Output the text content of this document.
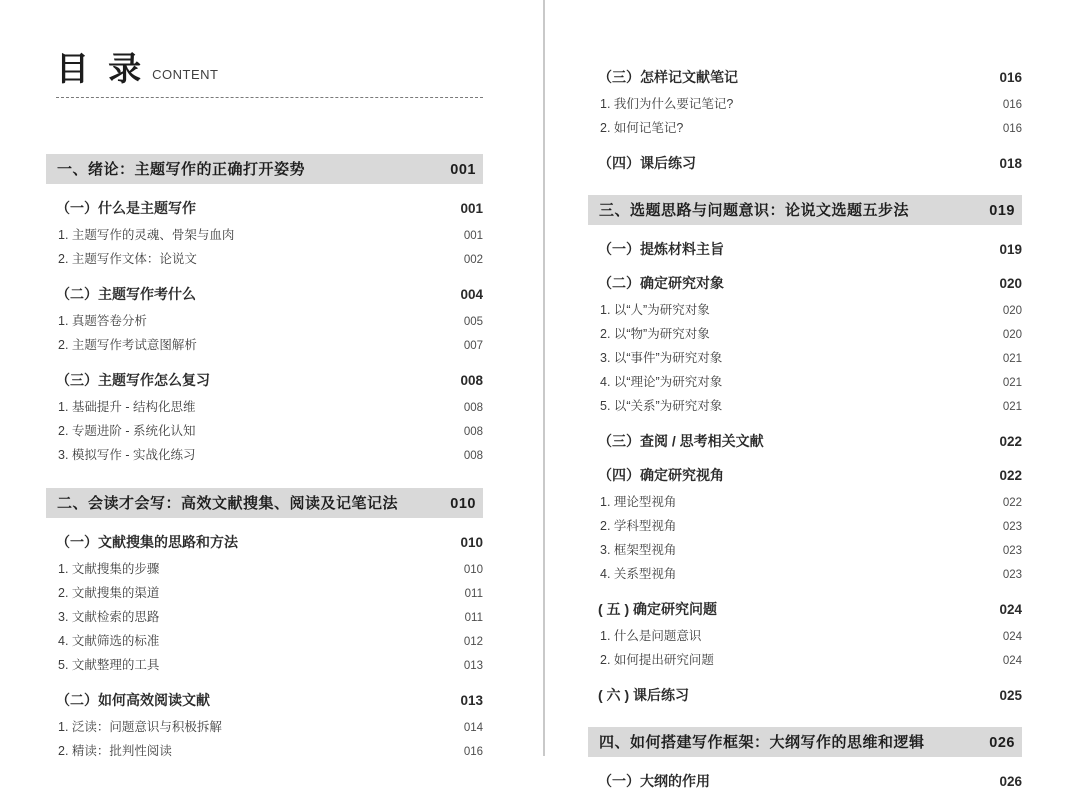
目 录 CONTENT
一、绪论：主题写作的正确打开姿势	001
（一）什么是主题写作	001
1. 主题写作的灵魂、骨架与血肉	001
2. 主题写作文体：论说文	002
（二）主题写作考什么	004
1. 真题答卷分析	005
2. 主题写作考试意图解析	007
（三）主题写作怎么复习	008
1. 基础提升 - 结构化思维	008
2. 专题进阶 - 系统化认知	008
3. 模拟写作 - 实战化练习	008
二、会读才会写：高效文献搜集、阅读及记笔记法	010
（一）文献搜集的思路和方法	010
1. 文献搜集的步骤	010
2. 文献搜集的渠道	011
3. 文献检索的思路	011
4. 文献筛选的标准	012
5. 文献整理的工具	013
（二）如何高效阅读文献	013
1. 泛读：问题意识与积极拆解	014
2. 精读：批判性阅读	016
（三）怎样记文献笔记	016
1. 我们为什么要记笔记?	016
2. 如何记笔记?	016
（四）课后练习	018
三、选题思路与问题意识：论说文选题五步法	019
（一）提炼材料主旨	019
（二）确定研究对象	020
1. 以“人”为研究对象	020
2. 以“物”为研究对象	020
3. 以“事件”为研究对象	021
4. 以“理论”为研究对象	021
5. 以“关系”为研究对象	021
（三）查阅 / 思考相关文献	022
（四）确定研究视角	022
1. 理论型视角	022
2. 学科型视角	023
3. 框架型视角	023
4. 关系型视角	023
( 五 ) 确定研究问题	024
1. 什么是问题意识	024
2. 如何提出研究问题	024
( 六 ) 课后练习	025
四、如何搭建写作框架：大纲写作的思维和逻辑	026
（一）大纲的作用	026
